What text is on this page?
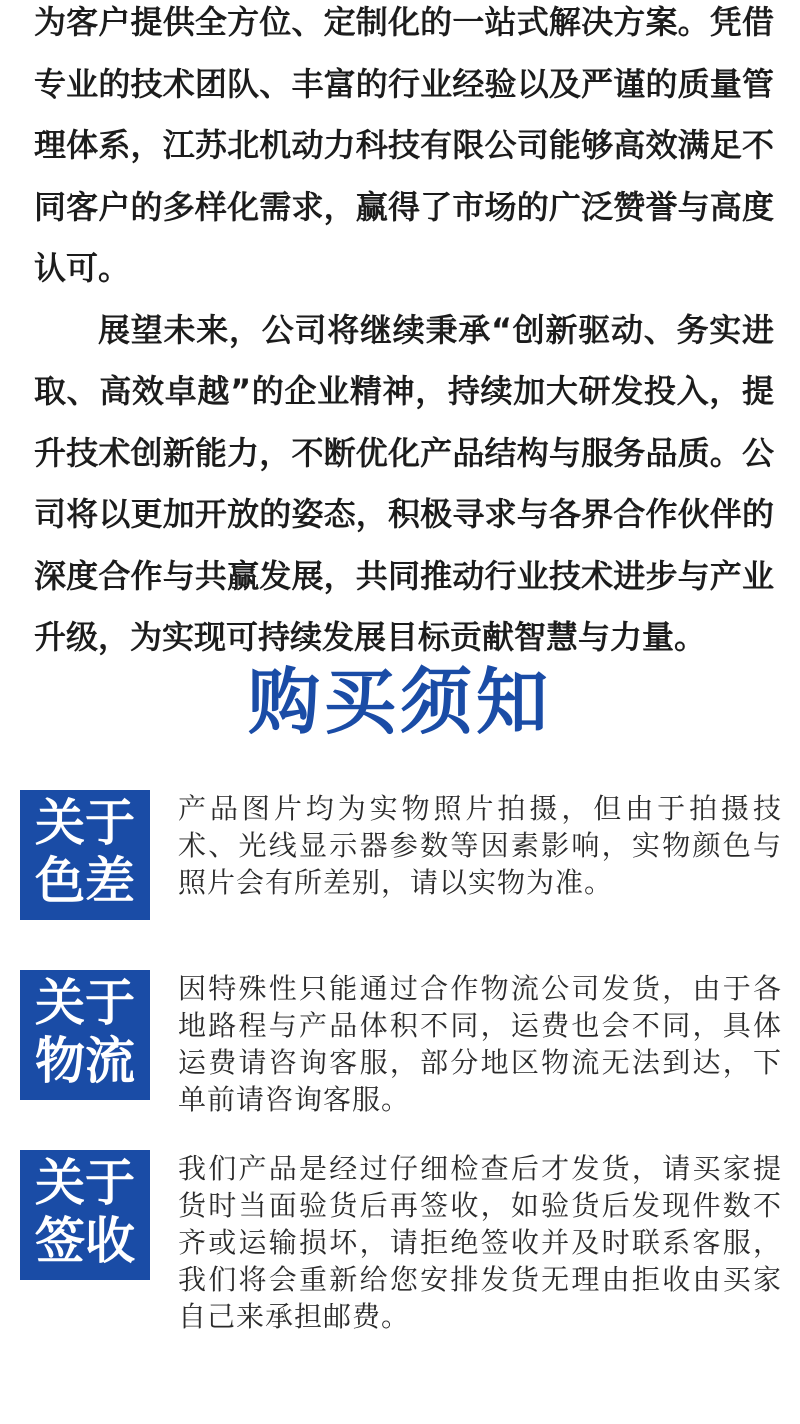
为客户提供全方位、定制化的一站式解决方案。凭借专业的技术团队、丰富的行业经验以及严谨的质量管理体系，江苏北机动力科技有限公司能够高效满足不同客户的多样化需求，赢得了市场的广泛赞誉与高度认可。

展望未来，公司将继续秉承“创新驱动、务实进取、高效卓越”的企业精神，持续加大研发投入，提升技术创新能力，不断优化产品结构与服务品质。公司将以更加开放的姿态，积极寻求与各界合作伙伴的深度合作与共赢发展，共同推动行业技术进步与产业升级，为实现可持续发展目标贡献智慧与力量。

购买须知
关于
色差
产品图片均为实物照片拍摄，但由于拍摄技术、光线显示器参数等因素影响，实物颜色与照片会有所差别，请以实物为准。
关于
物流
因特殊性只能通过合作物流公司发货，由于各地路程与产品体积不同，运费也会不同，具体运费请咨询客服，部分地区物流无法到达，下单前请咨询客服。
关于
签收
我们产品是经过仔细检查后才发货，请买家提货时当面验货后再签收，如验货后发现件数不齐或运输损坏，请拒绝签收并及时联系客服，我们将会重新给您安排发货无理由拒收由买家自己来承担邮费。
